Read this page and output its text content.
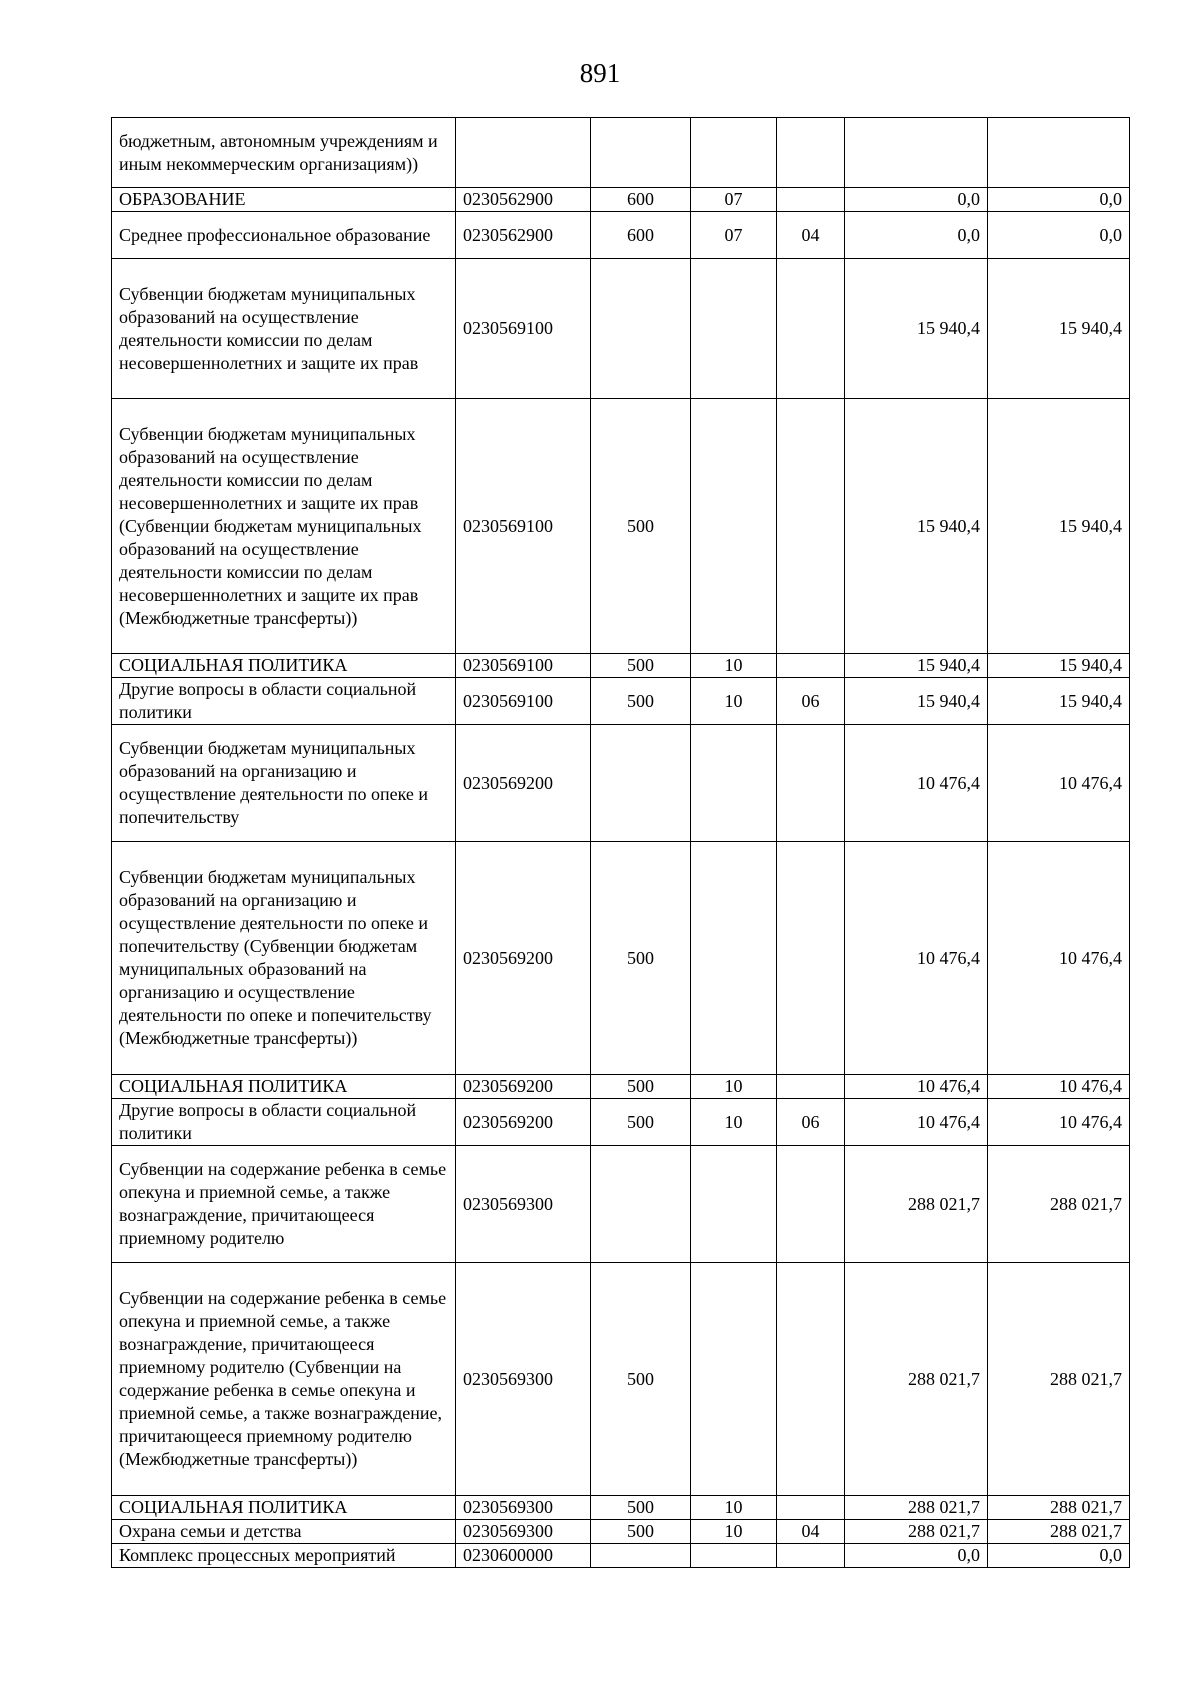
891
бюджетным, автономным учреждениям и иным некоммерческим организациям))						
ОБРАЗОВАНИЕ	0230562900	600	07		0,0	0,0
Среднее профессиональное образование	0230562900	600	07	04	0,0	0,0
Субвенции бюджетам муниципальных образований на осуществление деятельности комиссии по делам несовершеннолетних и защите их прав	0230569100				15 940,4	15 940,4
Субвенции бюджетам муниципальных образований на осуществление деятельности комиссии по делам несовершеннолетних и защите их прав (Субвенции бюджетам муниципальных образований на осуществление деятельности комиссии по делам несовершеннолетних и защите их прав (Межбюджетные трансферты))	0230569100	500			15 940,4	15 940,4
СОЦИАЛЬНАЯ ПОЛИТИКА	0230569100	500	10		15 940,4	15 940,4
Другие вопросы в области социальной политики	0230569100	500	10	06	15 940,4	15 940,4
Субвенции бюджетам муниципальных образований на организацию и осуществление деятельности по опеке и попечительству	0230569200				10 476,4	10 476,4
Субвенции бюджетам муниципальных образований на организацию и осуществление деятельности по опеке и попечительству (Субвенции бюджетам муниципальных образований на организацию и осуществление деятельности по опеке и попечительству (Межбюджетные трансферты))	0230569200	500			10 476,4	10 476,4
СОЦИАЛЬНАЯ ПОЛИТИКА	0230569200	500	10		10 476,4	10 476,4
Другие вопросы в области социальной политики	0230569200	500	10	06	10 476,4	10 476,4
Субвенции на содержание ребенка в семье опекуна и приемной семье, а также вознаграждение, причитающееся приемному родителю	0230569300				288 021,7	288 021,7
Субвенции на содержание ребенка в семье опекуна и приемной семье, а также вознаграждение, причитающееся приемному родителю (Субвенции на содержание ребенка в семье опекуна и приемной семье, а также вознаграждение, причитающееся приемному родителю (Межбюджетные трансферты))	0230569300	500			288 021,7	288 021,7
СОЦИАЛЬНАЯ ПОЛИТИКА	0230569300	500	10		288 021,7	288 021,7
Охрана семьи и детства	0230569300	500	10	04	288 021,7	288 021,7
Комплекс процессных мероприятий	0230600000				0,0	0,0
